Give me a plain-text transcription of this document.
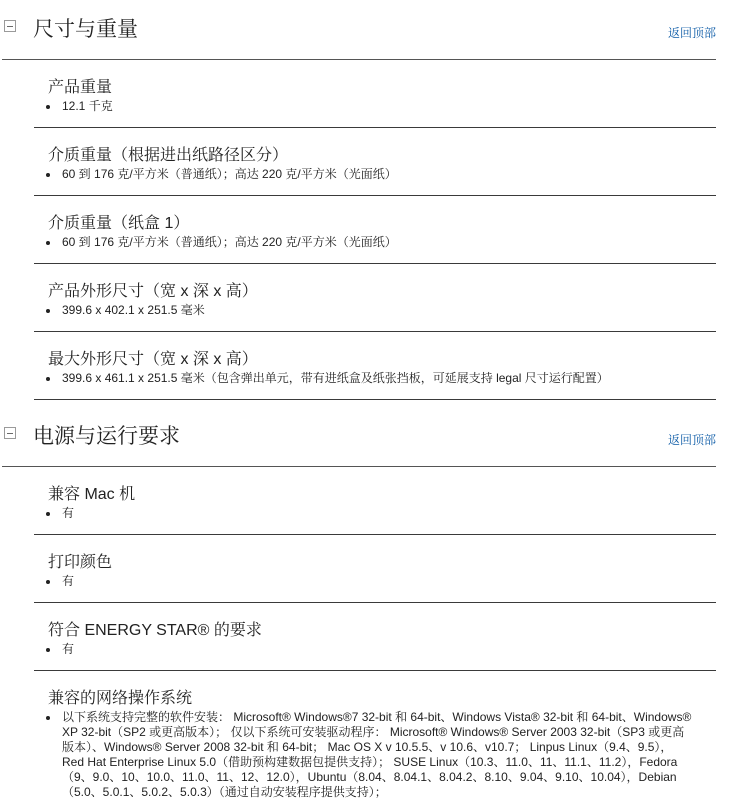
尺寸与重量	返回顶部
产品重量
12.1 千克
介质重量（根据进出纸路径区分）
60 到 176 克/平方米（普通纸）；高达 220 克/平方米（光面纸）
介质重量（纸盒 1）
60 到 176 克/平方米（普通纸）；高达 220 克/平方米（光面纸）
产品外形尺寸（宽 x 深 x 高）
399.6 x 402.1 x 251.5 毫米
最大外形尺寸（宽 x 深 x 高）
399.6 x 461.1 x 251.5 毫米（包含弹出单元，带有进纸盒及纸张挡板，可延展支持 legal 尺寸运行配置）
电源与运行要求	返回顶部
兼容 Mac 机
有
打印颜色
有
符合 ENERGY STAR® 的要求
有
兼容的网络操作系统
以下系统支持完整的软件安装： Microsoft® Windows®7 32-bit 和 64-bit、Windows Vista® 32-bit 和 64-bit、Windows® XP 32-bit（SP2 或更高版本）； 仅以下系统可安装驱动程序： Microsoft® Windows® Server 2003 32-bit（SP3 或更高版本）、Windows® Server 2008 32-bit 和 64-bit； Mac OS X v 10.5.5、v 10.6、v10.7； Linpus Linux（9.4、9.5），Red Hat Enterprise Linux 5.0（借助预构建数据包提供支持）； SUSE Linux（10.3、11.0、11、11.1、11.2），Fedora（9、9.0、10、10.0、11.0、11、12、12.0），Ubuntu（8.04、8.04.1、8.04.2、8.10、9.04、9.10、10.04），Debian（5.0、5.0.1、5.0.2、5.0.3）（通过自动安装程序提供支持）；
